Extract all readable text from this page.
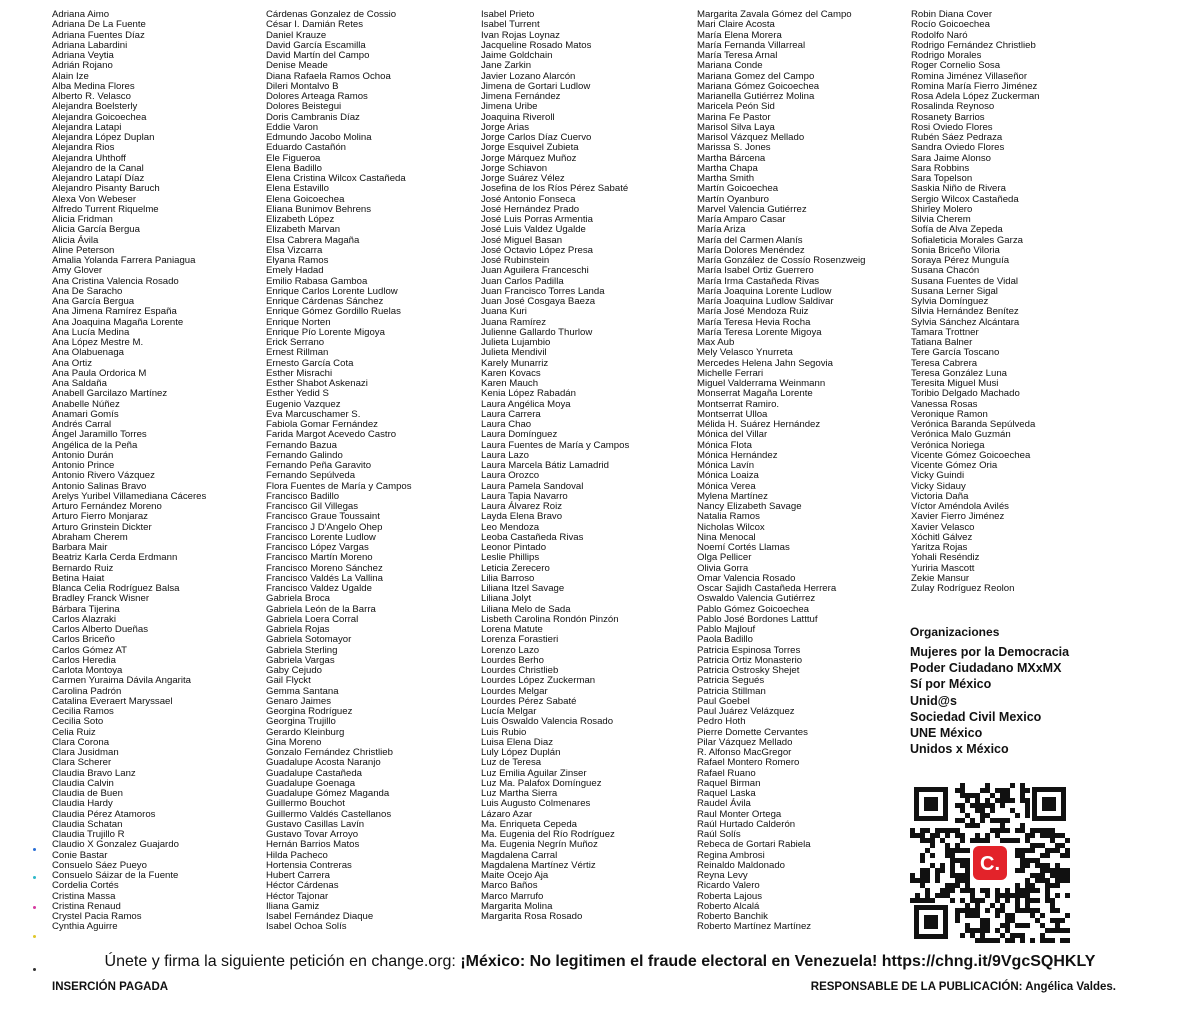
Adriana Aimo
Adriana De La Fuente
Adriana Fuentes Díaz
Adriana Labardini
Adriana Veytia
Adrián Rojano
Alain Ize
Alba Medina Flores
Alberto R. Velasco
Alejandra Boelsterly
Alejandra Goicoechea
Alejandra Latapi
Alejandra López Duplan
Alejandra Rios
Alejandra Uhthoff
Alejandro de la Canal
Alejandro Latapí Díaz
Alejandro Pisanty Baruch
Alexa Von Webeser
Alfredo Turrent Riquelme
Alicia Fridman
Alicia García Bergua
Alicia Ávila
Aline Peterson
Amalia Yolanda Farrera Paniagua
Amy Glover
Ana Cristina Valencia Rosado
Ana De Saracho
Ana García Bergua
Ana Jimena Ramírez España
Ana Joaquina Magaña Lorente
Ana Lucía Medina
Ana López Mestre M.
Ana Olabuenaga
Ana Ortiz
Ana Paula Ordorica M
Ana Saldaña
Anabell Garcilazo Martínez
Anabelle Núñez
Anamari Gomís
Andrés Carral
Ángel Jaramillo Torres
Angélica de la Peña
Antonio Durán
Antonio Prince
Antonio Rivero Vázquez
Antonio Salinas Bravo
Arelys Yuribel Villamediana Cáceres
Arturo Fernández Moreno
Arturo Fierro Monjaraz
Arturo Grinstein Dickter
Abraham Cherem
Barbara Mair
Beatriz Karla Cerda Erdmann
Bernardo Ruiz
Betina Haiat
Blanca Celia Rodríguez Balsa
Bradley Franck Wisner
Bárbara Tijerina
Carlos Alazraki
Carlos Alberto Dueñas
Carlos Briceño
Carlos Gómez AT
Carlos Heredia
Carlota Montoya
Carmen Yuraima Dávila Angarita
Carolina Padrón
Catalina Everaert Maryssael
Cecilia Ramos
Cecilia Soto
Celia Ruiz
Clara Corona
Clara Jusidman
Clara Scherer
Claudia Bravo Lanz
Claudia Calvin
Claudia de Buen
Claudia Hardy
Claudia Pérez Atamoros
Claudia Schatan
Claudia Trujillo R
Claudio X Gonzalez Guajardo
Conie Bastar
Consuelo Sáez Pueyo
Consuelo Sáizar de la Fuente
Cordelia Cortés
Cristina Massa
Cristina Renaud
Crystel Pacia Ramos
Cynthia Aguirre
Cárdenas Gonzalez de Cossio
César I. Damián Retes
Daniel Krauze
David García Escamilla
David Martín del Campo
Denise Meade
Diana Rafaela Ramos Ochoa
Dileri Montalvo B
Dolores Arteaga Ramos
Dolores Beistegui
Doris Cambranis Díaz
Eddie Varon
Edmundo Jacobo Molina
Eduardo Castañón
Ele Figueroa
Elena Badillo
Elena Cristina Wilcox Castañeda
Elena Estavillo
Elena Goicoechea
Eliana Bunimov Behrens
Elizabeth López
Elizabeth Marvan
Elsa Cabrera Magaña
Elsa Vizcarra
Elyana Ramos
Emely Hadad
Emilio Rabasa Gamboa
Enrique Carlos Lorente Ludlow
Enrique Cárdenas Sánchez
Enrique Gómez Gordillo Ruelas
Enrique Norten
Enrique Pío Lorente Migoya
Erick Serrano
Ernest Rillman
Ernesto García Cota
Esther Misrachi
Esther Shabot Askenazi
Esther Yedid S
Eugenio Vazquez
Eva Marcuschamer S.
Fabiola Gomar Fernández
Farida Margot Acevedo Castro
Fernando Bazua
Fernando Galindo
Fernando Peña Garavito
Fernando Sepúlveda
Flora Fuentes de María y Campos
Francisco Badillo
Francisco Gil Villegas
Francisco Graue Toussaint
Francisco J D'Angelo Ohep
Francisco Lorente Ludlow
Francisco López Vargas
Francisco Martín Moreno
Francisco Moreno Sánchez
Francisco Valdés La Vallina
Francisco Valdez Ugalde
Gabriela Broca
Gabriela León de la Barra
Gabriela Loera Corral
Gabriela Rojas
Gabriela Sotomayor
Gabriela Sterling
Gabriela Vargas
Gaby Cejudo
Gail Flyckt
Gemma Santana
Genaro Jaimes
Georgina Rodríguez
Georgina Trujillo
Gerardo Kleinburg
Gina Moreno
Gonzalo Fernández Christlieb
Guadalupe Acosta Naranjo
Guadalupe Castañeda
Guadalupe Goenaga
Guadalupe Gómez Maganda
Guillermo Bouchot
Guillermo Valdés Castellanos
Gustavo Casillas Lavín
Gustavo Tovar Arroyo
Hernán Barrios Matos
Hilda Pacheco
Hortensia Contreras
Hubert Carrera
Héctor Cárdenas
Héctor Tajonar
Iliana Gamiz
Isabel Fernández Diaque
Isabel Ochoa Solís
Isabel Prieto
Isabel Turrent
Ivan Rojas Loynaz
Jacqueline Rosado Matos
Jaime Goldchain
Jane Zarkin
Javier Lozano Alarcón
Jimena de Gortari Ludlow
Jimena Fernández
Jimena Uribe
Joaquina Riveroll
Jorge Arias
Jorge Carlos Díaz Cuervo
Jorge Esquivel Zubieta
Jorge Márquez Muñoz
Jorge Schiavon
Jorge Suárez Vélez
Josefina de los Ríos Pérez Sabaté
José Antonio Fonseca
José Hernández Prado
José Luis Porras Armentia
José Luis Valdez Ugalde
José Miguel Basan
José Octavio López Presa
José Rubinstein
Juan Aguilera Franceschi
Juan Carlos Padilla
Juan Francisco Torres Landa
Juan José Cosgaya Baeza
Juana Kuri
Juana Ramírez
Julienne Gallardo Thurlow
Julieta Lujambio
Julieta Mendivil
Karely Munarriz
Karen Kovacs
Karen Mauch
Kenia López Rabadán
Laura Angélica Moya
Laura Carrera
Laura Chao
Laura Domínguez
Laura Fuentes de María y Campos
Laura Lazo
Laura Marcela Bátiz Lamadrid
Laura Orozco
Laura Pamela Sandoval
Laura Tapia Navarro
Laura Álvarez Roiz
Layda Elena Bravo
Leo Mendoza
Leoba Castañeda Rivas
Leonor Pintado
Leslie Phillips
Leticia Zerecero
Lilia Barroso
Liliana Itzel Savage
Liliana Jolyt
Liliana Melo de Sada
Lisbeth Carolina Rondón Pinzón
Lorena Matute
Lorenza Forastieri
Lorenzo Lazo
Lourdes Berho
Lourdes Christlieb
Lourdes López Zuckerman
Lourdes Melgar
Lourdes Pérez Sabaté
Lucía Melgar
Luis Oswaldo Valencia Rosado
Luis Rubio
Luisa Elena Diaz
Luly López Duplán
Luz de Teresa
Luz Emilia Aguilar Zinser
Luz Ma. Palafox Domínguez
Luz Martha Sierra
Luis Augusto Colmenares
Lázaro Azar
Ma. Enriqueta Cepeda
Ma. Eugenia del Río Rodríguez
Ma. Eugenia Negrín Muñoz
Magdalena Carral
Magdalena Martínez Vértiz
Maite Ocejo Aja
Marco Baños
Marco Marrufo
Margarita Molina
Margarita Rosa Rosado
Margarita Zavala Gómez del Campo
Mari Claire Acosta
María Elena Morera
María Fernanda Villarreal
María Teresa Arnal
Mariana Conde
Mariana Gomez del Campo
Mariana Gómez Goicoechea
Marianella Gutiérrez Molina
Maricela Peón Sid
Marina Fe Pastor
Marisol Silva Laya
Marisol Vázquez Mellado
Marissa S. Jones
Martha Bárcena
Martha Chapa
Martha Smith
Martín Goicoechea
Martín Oyanburo
Marvel Valencia Gutiérrez
María Amparo Casar
María Ariza
María del Carmen Alanís
María Dolores Menéndez
María González de Cossío Rosenzweig
María Isabel Ortiz Guerrero
María Irma Castañeda Rivas
María Joaquina Lorente Ludlow
María Joaquina Ludlow Saldivar
María José Mendoza Ruiz
María Teresa Hevia Rocha
María Teresa Lorente Migoya
Max Aub
Mely Velasco Ynurreta
Mercedes Helena Jahn Segovia
Michelle Ferrari
Miguel Valderrama Weinmann
Monserrat Magaña Lorente
Montserrat Ramiro.
Montserrat Ulloa
Mélida H. Suárez Hernández
Mónica del Villar
Mónica Flota
Mónica Hernández
Mónica Lavín
Mónica Loaiza
Mónica Verea
Mylena Martínez
Nancy Elizabeth Savage
Natalia Ramos
Nicholas Wilcox
Nina Menocal
Noemí Cortés Llamas
Olga Pellicer
Olivia Gorra
Omar Valencia Rosado
Oscar Sajidh Castañeda Herrera
Oswaldo Valencia Gutiérrez
Pablo Gómez Goicoechea
Pablo José Bordones Latttuf
Pablo Majlouf
Paola Badillo
Patricia Espinosa Torres
Patricia Ortiz Monasterio
Patricia Ostrosky Shejet
Patricia Segués
Patricia Stillman
Paul Goebel
Paul Juárez Velázquez
Pedro Hoth
Pierre Domette Cervantes
Pilar Vázquez Mellado
R. Alfonso MacGregor
Rafael Montero Romero
Rafael Ruano
Raquel Birman
Raquel Laska
Raudel Ávila
Raul Monter Ortega
Raúl Hurtado Calderón
Raúl Solís
Rebeca de Gortari Rabiela
Regina Ambrosi
Reinaldo Maldonado
Reyna Levy
Ricardo Valero
Roberta Lajous
Roberto Alcalá
Roberto Banchik
Roberto Martínez Martínez
Robin Diana Cover
Rocío Goicoechea
Rodolfo Naró
Rodrigo Fernández Christlieb
Rodrigo Morales
Roger Cornelio Sosa
Romina Jiménez Villaseñor
Romina María Fierro Jiménez
Rosa Adela López Zuckerman
Rosalinda Reynoso
Rosanety Barrios
Rosi Oviedo Flores
Rubén Sáez Pedraza
Sandra Oviedo Flores
Sara Jaime Alonso
Sara Robbins
Sara Topelson
Saskia Niño de Rivera
Sergio Wilcox Castañeda
Shirley Molero
Silvia Cherem
Sofía de Alva Zepeda
Sofialeticia Morales Garza
Sonia Briceño Viloria
Soraya Pérez Munguía
Susana Chacón
Susana Fuentes de Vidal
Susana Lerner Sigal
Sylvia Domínguez
Silvia Hernández Benítez
Sylvia Sánchez Alcántara
Tamara Trottner
Tatiana Balner
Tere García Toscano
Teresa Cabrera
Teresa González Luna
Teresita Miguel Musi
Toribio Delgado Machado
Vanessa Rosas
Veronique Ramon
Verónica Baranda Sepúlveda
Verónica Malo Guzmán
Verónica Noriega
Vicente Gómez Goicoechea
Vicente Gómez Oria
Vicky Guindi
Vicky Sidauy
Victoria Daña
Víctor Améndola Avilés
Xavier Fierro Jiménez
Xavier Velasco
Xóchitl Gálvez
Yaritza Rojas
Yohali Reséndiz
Yuriria Mascott
Zekie Mansur
Zulay Rodríguez Reolon
Organizaciones
Mujeres por la Democracia
Poder Ciudadano MXxMX
Sí por México
Unid@s
Sociedad Civil Mexico
UNE México
Unidos x México
C.
Únete y firma la siguiente petición en change.org: ¡México: No legitimen el fraude electoral en Venezuela! https://chng.it/9VgcSQHKLY
INSERCIÓN PAGADA	RESPONSABLE DE LA PUBLICACIÓN: Angélica Valdes.
